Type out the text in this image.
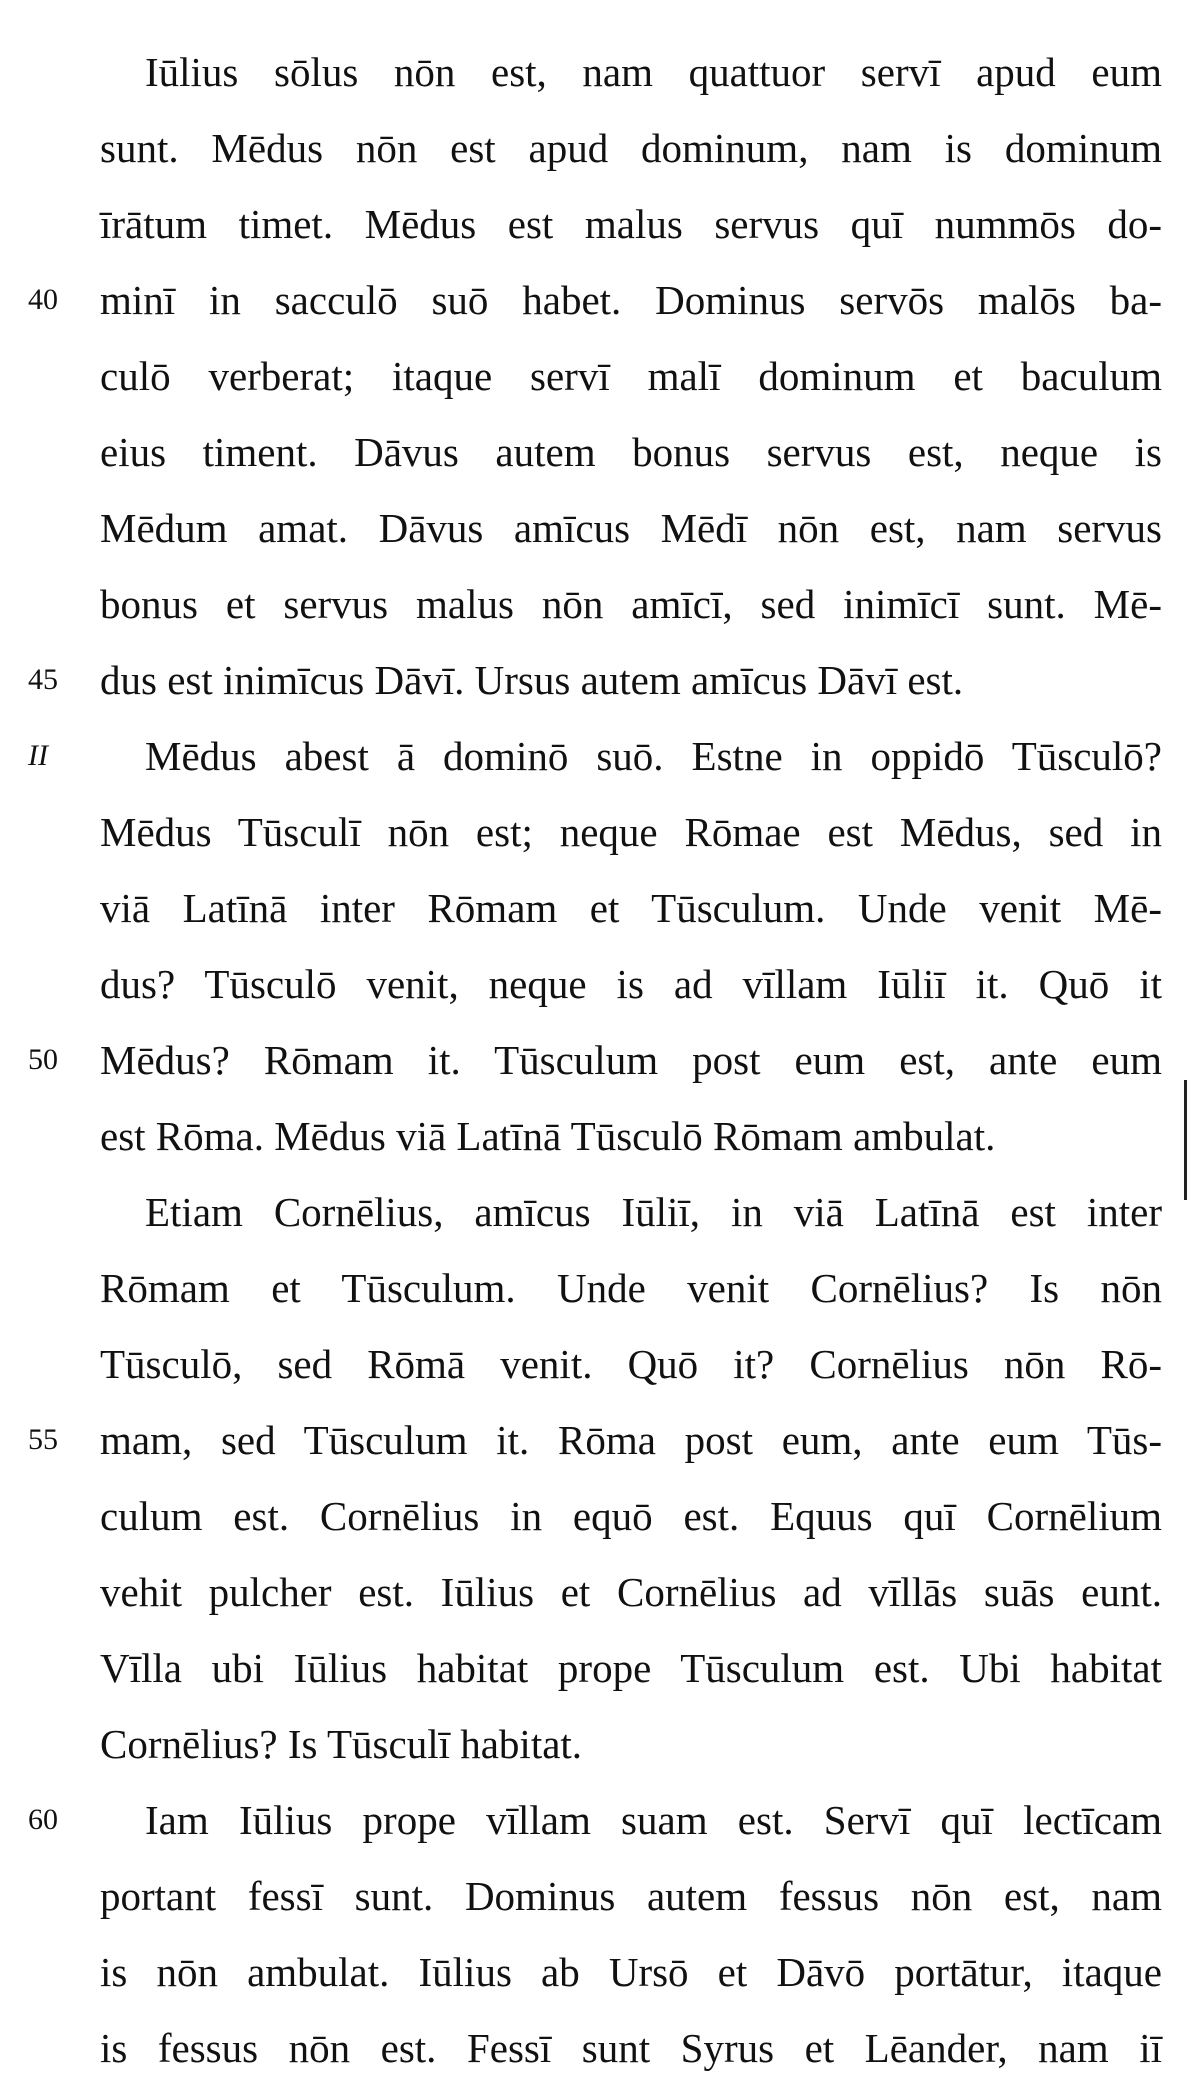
Iūlius sōlus nōn est, nam quattuor servī apud eum
sunt. Mēdus nōn est apud dominum, nam is dominum
īrātum timet. Mēdus est malus servus quī nummōs do-
40	minī in sacculō suō habet. Dominus servōs malōs ba-
culō verberat; itaque servī malī dominum et baculum
eius timent. Dāvus autem bonus servus est, neque is
Mēdum amat. Dāvus amīcus Mēdī nōn est, nam servus
bonus et servus malus nōn amīcī, sed inimīcī sunt. Mē-
45	dus est inimīcus Dāvī. Ursus autem amīcus Dāvī est.
II	Mēdus abest ā dominō suō. Estne in oppidō Tūsculō?
Mēdus Tūsculī nōn est; neque Rōmae est Mēdus, sed in
viā Latīnā inter Rōmam et Tūsculum. Unde venit Mē-
dus? Tūsculō venit, neque is ad vīllam Iūliī it. Quō it
50	Mēdus? Rōmam it. Tūsculum post eum est, ante eum
est Rōma. Mēdus viā Latīnā Tūsculō Rōmam ambulat.
Etiam Cornēlius, amīcus Iūliī, in viā Latīnā est inter
Rōmam et Tūsculum. Unde venit Cornēlius? Is nōn
Tūsculō, sed Rōmā venit. Quō it? Cornēlius nōn Rō-
55	mam, sed Tūsculum it. Rōma post eum, ante eum Tūs-
culum est. Cornēlius in equō est. Equus quī Cornēlium
vehit pulcher est. Iūlius et Cornēlius ad vīllās suās eunt.
Vīlla ubi Iūlius habitat prope Tūsculum est. Ubi habitat
Cornēlius? Is Tūsculī habitat.
60	Iam Iūlius prope vīllam suam est. Servī quī lectīcam
portant fessī sunt. Dominus autem fessus nōn est, nam
is nōn ambulat. Iūlius ab Ursō et Dāvō portātur, itaque
is fessus nōn est. Fessī sunt Syrus et Lēander, nam iī
